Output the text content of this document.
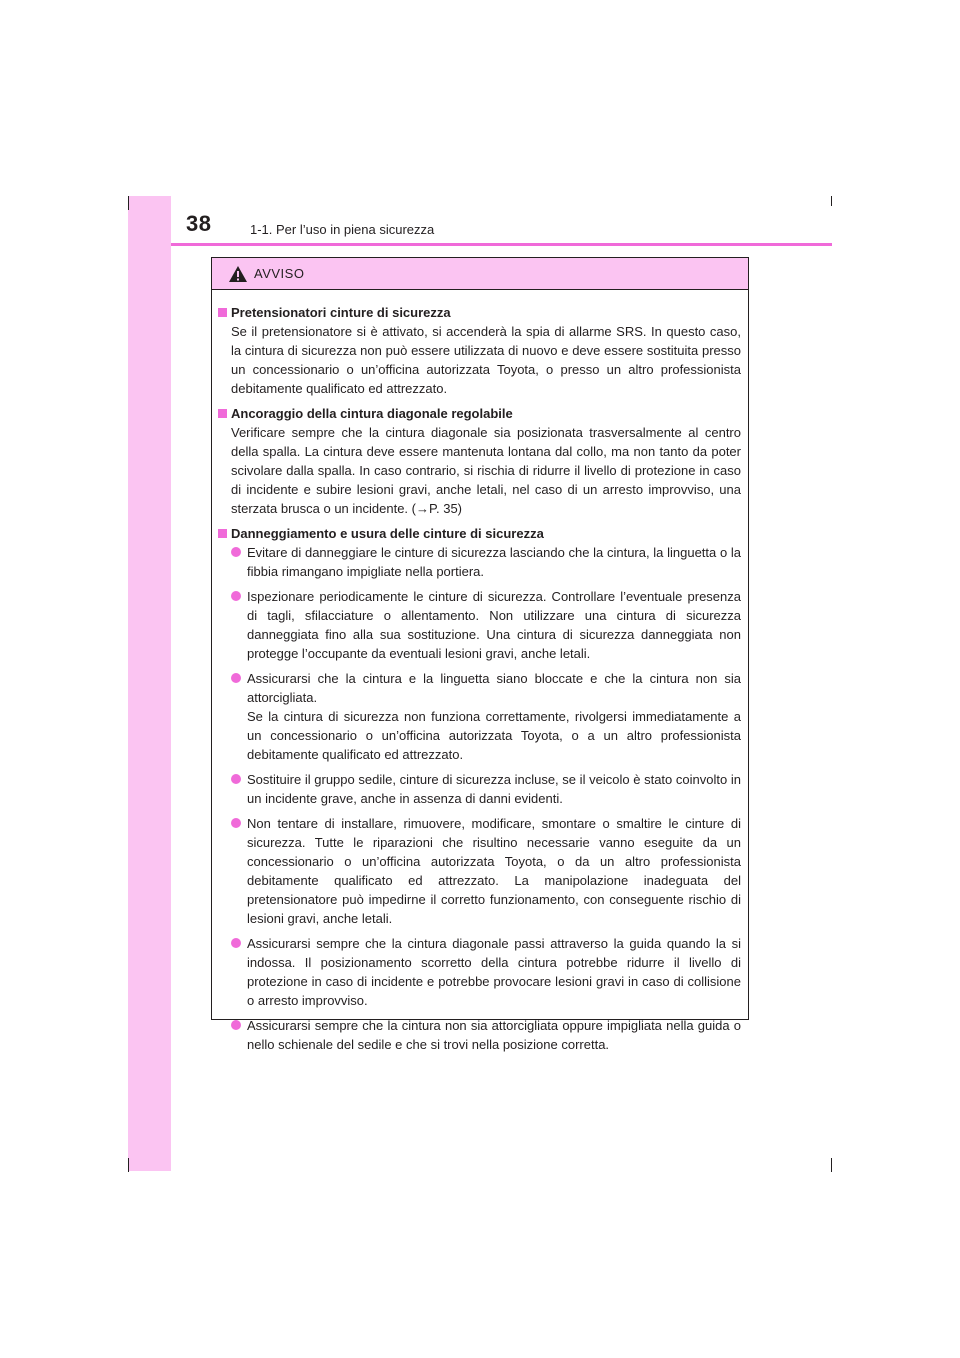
38	1-1. Per l’uso in piena sicurezza
AVVISO
Pretensionatori cinture di sicurezza
Se il pretensionatore si è attivato, si accenderà la spia di allarme SRS. In questo caso, la cintura di sicurezza non può essere utilizzata di nuovo e deve essere sostituita presso un concessionario o un’officina autorizzata Toyota, o presso un altro professionista debitamente qualificato ed attrezzato.
Ancoraggio della cintura diagonale regolabile
Verificare sempre che la cintura diagonale sia posizionata trasversalmente al centro della spalla. La cintura deve essere mantenuta lontana dal collo, ma non tanto da poter scivolare dalla spalla. In caso contrario, si rischia di ridurre il livello di protezione in caso di incidente e subire lesioni gravi, anche letali, nel caso di un arresto improvviso, una sterzata brusca o un incidente. (→P. 35)
Danneggiamento e usura delle cinture di sicurezza
Evitare di danneggiare le cinture di sicurezza lasciando che la cintura, la linguetta o la fibbia rimangano impigliate nella portiera.
Ispezionare periodicamente le cinture di sicurezza. Controllare l’eventuale presenza di tagli, sfilacciature o allentamento. Non utilizzare una cintura di sicurezza danneggiata fino alla sua sostituzione. Una cintura di sicurezza danneggiata non protegge l’occupante da eventuali lesioni gravi, anche letali.
Assicurarsi che la cintura e la linguetta siano bloccate e che la cintura non sia attorcigliata.
Se la cintura di sicurezza non funziona correttamente, rivolgersi immediatamente a un concessionario o un’officina autorizzata Toyota, o a un altro professionista debitamente qualificato ed attrezzato.
Sostituire il gruppo sedile, cinture di sicurezza incluse, se il veicolo è stato coinvolto in un incidente grave, anche in assenza di danni evidenti.
Non tentare di installare, rimuovere, modificare, smontare o smaltire le cinture di sicurezza. Tutte le riparazioni che risultino necessarie vanno eseguite da un concessionario o un’officina autorizzata Toyota, o da un altro professionista debitamente qualificato ed attrezzato. La manipolazione inadeguata del pretensionatore può impedirne il corretto funzionamento, con conseguente rischio di lesioni gravi, anche letali.
Assicurarsi sempre che la cintura diagonale passi attraverso la guida quando la si indossa. Il posizionamento scorretto della cintura potrebbe ridurre il livello di protezione in caso di incidente e potrebbe provocare lesioni gravi in caso di collisione o arresto improvviso.
Assicurarsi sempre che la cintura non sia attorcigliata oppure impigliata nella guida o nello schienale del sedile e che si trovi nella posizione corretta.
